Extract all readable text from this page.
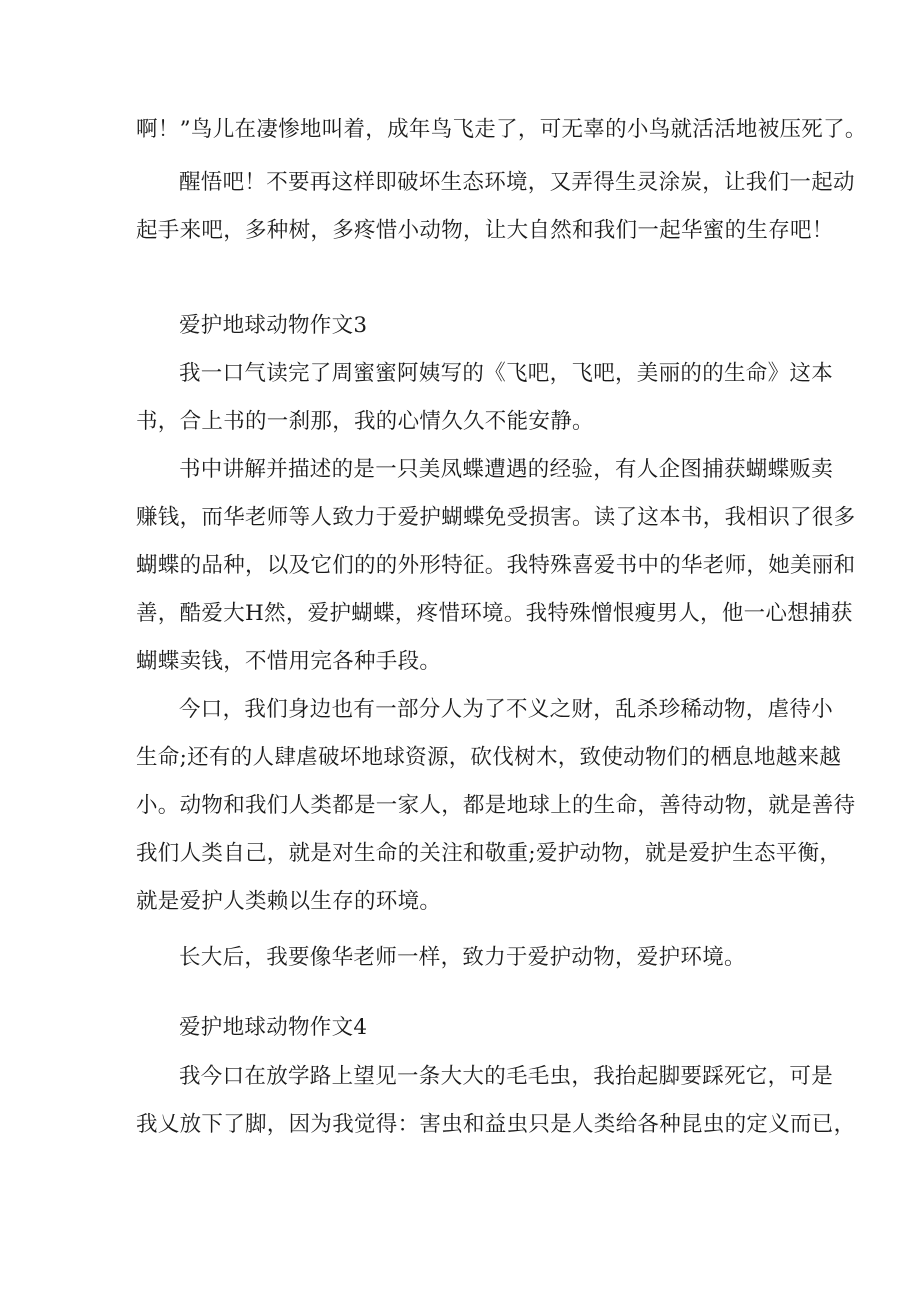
啊！”鸟儿在凄惨地叫着，成年鸟飞走了，可无辜的小鸟就活活地被压死了。
醒悟吧！不要再这样即破坏生态环境，又弄得生灵涂炭，让我们一起动
起手来吧，多种树，多疼惜小动物，让大自然和我们一起华蜜的生存吧！
爱护地球动物作文3
我一口气读完了周蜜蜜阿姨写的《飞吧，飞吧，美丽的的生命》这本
书，合上书的一刹那，我的心情久久不能安静。
书中讲解并描述的是一只美凤蝶遭遇的经验，有人企图捕获蝴蝶贩卖
赚钱，而华老师等人致力于爱护蝴蝶免受损害。读了这本书，我相识了很多
蝴蝶的品种，以及它们的的外形特征。我特殊喜爱书中的华老师，她美丽和
善，酷爱大H然，爱护蝴蝶，疼惜环境。我特殊憎恨瘦男人，他一心想捕获
蝴蝶卖钱，不惜用完各种手段。
今口，我们身边也有一部分人为了不义之财，乱杀珍稀动物，虐待小
生命;还有的人肆虐破坏地球资源，砍伐树木，致使动物们的栖息地越来越
小。动物和我们人类都是一家人，都是地球上的生命，善待动物，就是善待
我们人类自己，就是对生命的关注和敬重;爱护动物，就是爱护生态平衡，
就是爱护人类赖以生存的环境。
长大后，我要像华老师一样，致力于爱护动物，爱护环境。
爱护地球动物作文4
我今口在放学路上望见一条大大的毛毛虫，我抬起脚要踩死它，可是
我乂放下了脚，因为我觉得：害虫和益虫只是人类给各种昆虫的定义而已，
